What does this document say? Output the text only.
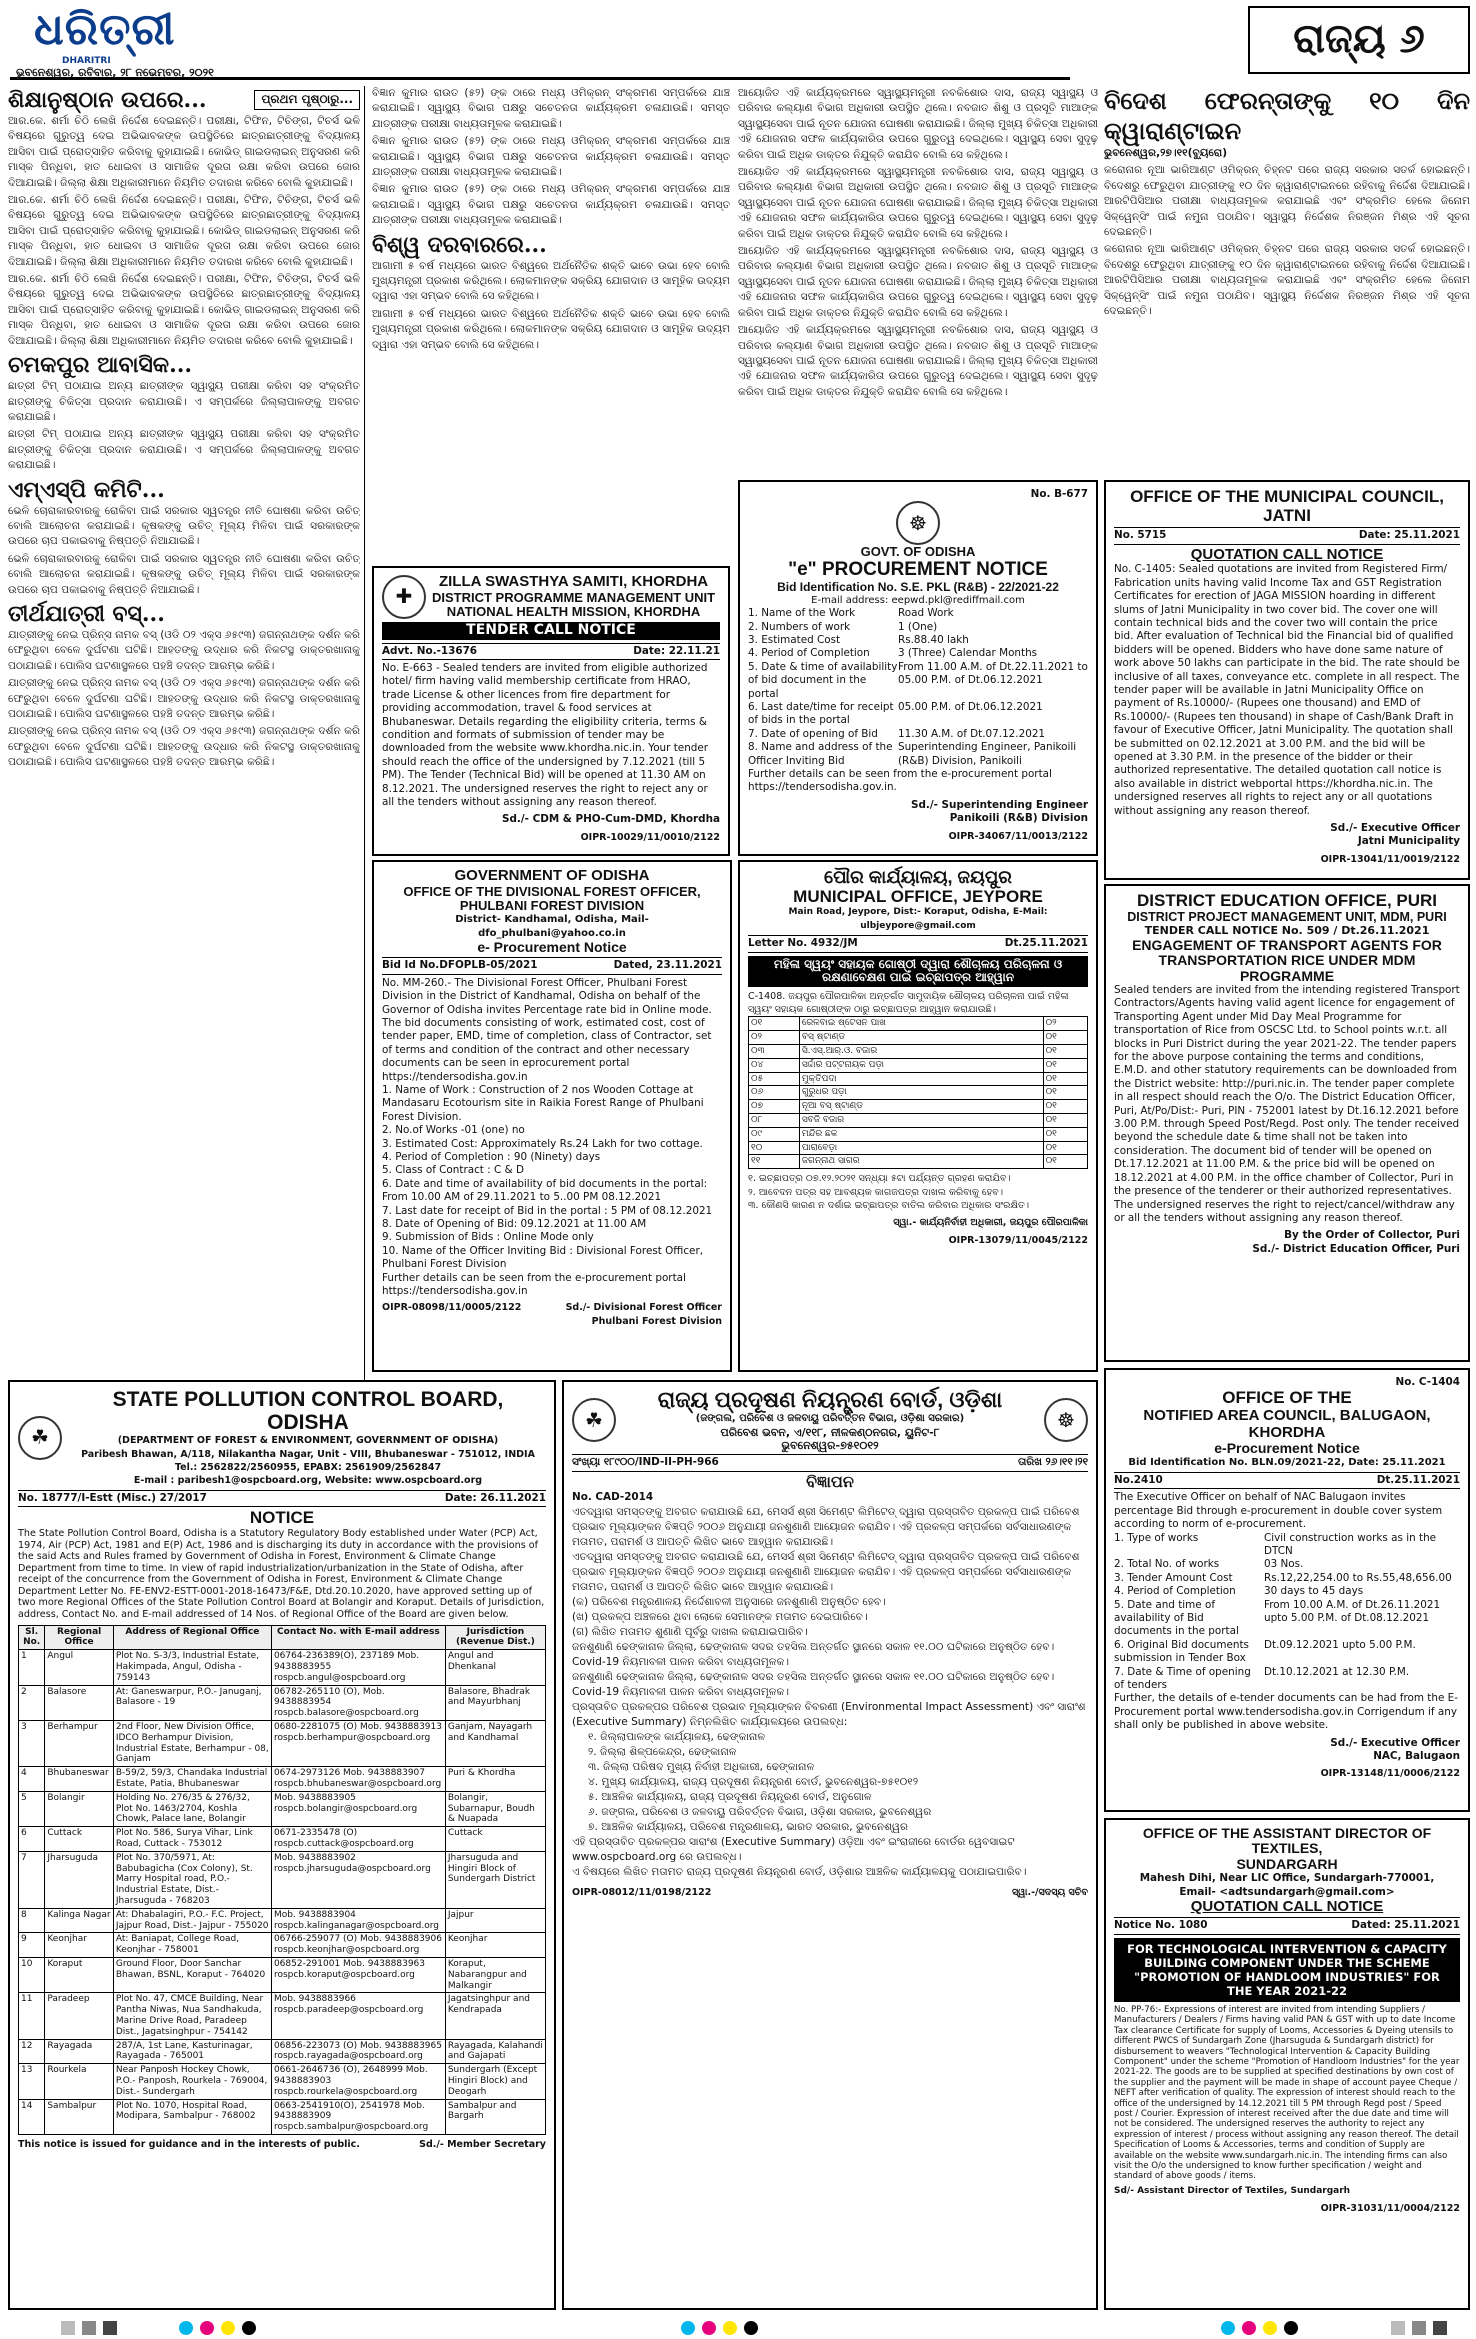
ଧରିତ୍ରୀ
DHARITRI
ଭୁବନେଶ୍ୱର, ରବିବାର, ୨୮ ନଭେମ୍ବର, ୨୦୨୧
ରାଜ୍ୟ ୬
ଶିକ୍ଷାନୁଷ୍ଠାନ ଉପରେ...	ପ୍ରଥମ ପୃଷ୍ଠାରୁ...

ଆର.କେ. ଶର୍ମା ଚିଠି ଲେଖି ନିର୍ଦ୍ଦେଶ ଦେଇଛନ୍ତି। ପରୀକ୍ଷା, ଟିଫିନ, ଟିଚିଙ୍ଗ, ଟିଚର୍ସ ଭଳି ବିଷୟରେ ଗୁରୁତ୍ୱ ଦେଇ ଅଭିଭାବକଙ୍କ ଉପସ୍ଥିତିରେ ଛାତ୍ରଛାତ୍ରୀଙ୍କୁ ବିଦ୍ୟାଳୟ ଆସିବା ପାଇଁ ପ୍ରୋତ୍ସାହିତ କରିବାକୁ କୁହାଯାଇଛି। କୋଭିଡ୍ ଗାଇଡଲାଇନ୍ ଅନୁସରଣ କରି ମାସ୍କ ପିନ୍ଧିବା, ହାତ ଧୋଇବା ଓ ସାମାଜିକ ଦୂରତା ରକ୍ଷା କରିବା ଉପରେ ଜୋର ଦିଆଯାଇଛି। ଜିଲ୍ଲା ଶିକ୍ଷା ଅଧିକାରୀମାନେ ନିୟମିତ ତଦାରଖ କରିବେ ବୋଲି କୁହାଯାଇଛି।

ଆର.କେ. ଶର୍ମା ଚିଠି ଲେଖି ନିର୍ଦ୍ଦେଶ ଦେଇଛନ୍ତି। ପରୀକ୍ଷା, ଟିଫିନ, ଟିଚିଙ୍ଗ, ଟିଚର୍ସ ଭଳି ବିଷୟରେ ଗୁରୁତ୍ୱ ଦେଇ ଅଭିଭାବକଙ୍କ ଉପସ୍ଥିତିରେ ଛାତ୍ରଛାତ୍ରୀଙ୍କୁ ବିଦ୍ୟାଳୟ ଆସିବା ପାଇଁ ପ୍ରୋତ୍ସାହିତ କରିବାକୁ କୁହାଯାଇଛି। କୋଭିଡ୍ ଗାଇଡଲାଇନ୍ ଅନୁସରଣ କରି ମାସ୍କ ପିନ୍ଧିବା, ହାତ ଧୋଇବା ଓ ସାମାଜିକ ଦୂରତା ରକ୍ଷା କରିବା ଉପରେ ଜୋର ଦିଆଯାଇଛି। ଜିଲ୍ଲା ଶିକ୍ଷା ଅଧିକାରୀମାନେ ନିୟମିତ ତଦାରଖ କରିବେ ବୋଲି କୁହାଯାଇଛି।

ଆର.କେ. ଶର୍ମା ଚିଠି ଲେଖି ନିର୍ଦ୍ଦେଶ ଦେଇଛନ୍ତି। ପରୀକ୍ଷା, ଟିଫିନ, ଟିଚିଙ୍ଗ, ଟିଚର୍ସ ଭଳି ବିଷୟରେ ଗୁରୁତ୍ୱ ଦେଇ ଅଭିଭାବକଙ୍କ ଉପସ୍ଥିତିରେ ଛାତ୍ରଛାତ୍ରୀଙ୍କୁ ବିଦ୍ୟାଳୟ ଆସିବା ପାଇଁ ପ୍ରୋତ୍ସାହିତ କରିବାକୁ କୁହାଯାଇଛି। କୋଭିଡ୍ ଗାଇଡଲାଇନ୍ ଅନୁସରଣ କରି ମାସ୍କ ପିନ୍ଧିବା, ହାତ ଧୋଇବା ଓ ସାମାଜିକ ଦୂରତା ରକ୍ଷା କରିବା ଉପରେ ଜୋର ଦିଆଯାଇଛି। ଜିଲ୍ଲା ଶିକ୍ଷା ଅଧିକାରୀମାନେ ନିୟମିତ ତଦାରଖ କରିବେ ବୋଲି କୁହାଯାଇଛି।

ଚମକପୁର ଆବାସିକ...

ଛାତ୍ରୀ ଟିମ୍ ପଠାଯାଇ ଅନ୍ୟ ଛାତ୍ରୀଙ୍କ ସ୍ୱାସ୍ଥ୍ୟ ପରୀକ୍ଷା କରିବା ସହ ସଂକ୍ରମିତ ଛାତ୍ରୀଙ୍କୁ ଚିକିତ୍ସା ପ୍ରଦାନ କରାଯାଉଛି। ଏ ସମ୍ପର୍କରେ ଜିଲ୍ଲାପାଳଙ୍କୁ ଅବଗତ କରାଯାଇଛି।

ଛାତ୍ରୀ ଟିମ୍ ପଠାଯାଇ ଅନ୍ୟ ଛାତ୍ରୀଙ୍କ ସ୍ୱାସ୍ଥ୍ୟ ପରୀକ୍ଷା କରିବା ସହ ସଂକ୍ରମିତ ଛାତ୍ରୀଙ୍କୁ ଚିକିତ୍ସା ପ୍ରଦାନ କରାଯାଉଛି। ଏ ସମ୍ପର୍କରେ ଜିଲ୍ଲାପାଳଙ୍କୁ ଅବଗତ କରାଯାଇଛି।

ଏମ୍ଏସ୍ପି କମିଟି...

ଭେଳି ଚୋରାକାରବାରକୁ ରୋକିବା ପାଇଁ ସରକାର ସ୍ୱତନ୍ତ୍ର ନୀତି ଘୋଷଣା କରିବା ଉଚିତ୍ ବୋଲି ଆଲୋଚନା କରାଯାଇଛି। କୃଷକଙ୍କୁ ଉଚିତ୍ ମୂଲ୍ୟ ମିଳିବା ପାଇଁ ସରକାରଙ୍କ ଉପରେ ଚାପ ପକାଇବାକୁ ନିଷ୍ପତ୍ତି ନିଆଯାଇଛି।

ଭେଳି ଚୋରାକାରବାରକୁ ରୋକିବା ପାଇଁ ସରକାର ସ୍ୱତନ୍ତ୍ର ନୀତି ଘୋଷଣା କରିବା ଉଚିତ୍ ବୋଲି ଆଲୋଚନା କରାଯାଇଛି। କୃଷକଙ୍କୁ ଉଚିତ୍ ମୂଲ୍ୟ ମିଳିବା ପାଇଁ ସରକାରଙ୍କ ଉପରେ ଚାପ ପକାଇବାକୁ ନିଷ୍ପତ୍ତି ନିଆଯାଇଛି।

ତୀର୍ଥଯାତ୍ରୀ ବସ୍...

ଯାତ୍ରୀଙ୍କୁ ନେଇ ପ୍ରିନ୍ସ ନାମକ ବସ୍ (ଓଡି ୦୨ ଏକ୍ସ ୬୫୯୩) ଜଗନ୍ନାଥଙ୍କ ଦର୍ଶନ କରି ଫେରୁଥିବା ବେଳେ ଦୁର୍ଘଟଣା ଘଟିଛି। ଆହତଙ୍କୁ ଉଦ୍ଧାର କରି ନିକଟସ୍ଥ ଡାକ୍ତରଖାନାକୁ ପଠାଯାଇଛି। ପୋଲିସ ଘଟଣାସ୍ଥଳରେ ପହଞ୍ଚି ତଦନ୍ତ ଆରମ୍ଭ କରିଛି।

ଯାତ୍ରୀଙ୍କୁ ନେଇ ପ୍ରିନ୍ସ ନାମକ ବସ୍ (ଓଡି ୦୨ ଏକ୍ସ ୬୫୯୩) ଜଗନ୍ନାଥଙ୍କ ଦର୍ଶନ କରି ଫେରୁଥିବା ବେଳେ ଦୁର୍ଘଟଣା ଘଟିଛି। ଆହତଙ୍କୁ ଉଦ୍ଧାର କରି ନିକଟସ୍ଥ ଡାକ୍ତରଖାନାକୁ ପଠାଯାଇଛି। ପୋଲିସ ଘଟଣାସ୍ଥଳରେ ପହଞ୍ଚି ତଦନ୍ତ ଆରମ୍ଭ କରିଛି।

ଯାତ୍ରୀଙ୍କୁ ନେଇ ପ୍ରିନ୍ସ ନାମକ ବସ୍ (ଓଡି ୦୨ ଏକ୍ସ ୬୫୯୩) ଜଗନ୍ନାଥଙ୍କ ଦର୍ଶନ କରି ଫେରୁଥିବା ବେଳେ ଦୁର୍ଘଟଣା ଘଟିଛି। ଆହତଙ୍କୁ ଉଦ୍ଧାର କରି ନିକଟସ୍ଥ ଡାକ୍ତରଖାନାକୁ ପଠାଯାଇଛି। ପୋଲିସ ଘଟଣାସ୍ଥଳରେ ପହଞ୍ଚି ତଦନ୍ତ ଆରମ୍ଭ କରିଛି।

ବିଜ୍ଞାନ କୁମାର ରାଉତ (୫୨) ଙ୍କ ଠାରେ ମଧ୍ୟ ଓମିକ୍ରନ୍ ସଂକ୍ରମଣ ସମ୍ପର୍କରେ ଯାଞ୍ଚ କରାଯାଇଛି। ସ୍ୱାସ୍ଥ୍ୟ ବିଭାଗ ପକ୍ଷରୁ ସଚେତନତା କାର୍ଯ୍ୟକ୍ରମ ଚଳାଯାଉଛି। ସମସ୍ତ ଯାତ୍ରୀଙ୍କ ପରୀକ୍ଷା ବାଧ୍ୟତାମୂଳକ କରାଯାଇଛି।

ବିଜ୍ଞାନ କୁମାର ରାଉତ (୫୨) ଙ୍କ ଠାରେ ମଧ୍ୟ ଓମିକ୍ରନ୍ ସଂକ୍ରମଣ ସମ୍ପର୍କରେ ଯାଞ୍ଚ କରାଯାଇଛି। ସ୍ୱାସ୍ଥ୍ୟ ବିଭାଗ ପକ୍ଷରୁ ସଚେତନତା କାର୍ଯ୍ୟକ୍ରମ ଚଳାଯାଉଛି। ସମସ୍ତ ଯାତ୍ରୀଙ୍କ ପରୀକ୍ଷା ବାଧ୍ୟତାମୂଳକ କରାଯାଇଛି।

ବିଜ୍ଞାନ କୁମାର ରାଉତ (୫୨) ଙ୍କ ଠାରେ ମଧ୍ୟ ଓମିକ୍ରନ୍ ସଂକ୍ରମଣ ସମ୍ପର୍କରେ ଯାଞ୍ଚ କରାଯାଇଛି। ସ୍ୱାସ୍ଥ୍ୟ ବିଭାଗ ପକ୍ଷରୁ ସଚେତନତା କାର୍ଯ୍ୟକ୍ରମ ଚଳାଯାଉଛି। ସମସ୍ତ ଯାତ୍ରୀଙ୍କ ପରୀକ୍ଷା ବାଧ୍ୟତାମୂଳକ କରାଯାଇଛି।

ବିଶ୍ୱ ଦରବାରରେ...

ଆଗାମୀ ୫ ବର୍ଷ ମଧ୍ୟରେ ଭାରତ ବିଶ୍ୱରେ ଅର୍ଥନୈତିକ ଶକ୍ତି ଭାବେ ଉଭା ହେବ ବୋଲି ମୁଖ୍ୟମନ୍ତ୍ରୀ ପ୍ରକାଶ କରିଥିଲେ। ଲୋକମାନଙ୍କ ସକ୍ରିୟ ଯୋଗଦାନ ଓ ସାମୂହିକ ଉଦ୍ୟମ ଦ୍ୱାରା ଏହା ସମ୍ଭବ ବୋଲି ସେ କହିଥିଲେ।

ଆଗାମୀ ୫ ବର୍ଷ ମଧ୍ୟରେ ଭାରତ ବିଶ୍ୱରେ ଅର୍ଥନୈତିକ ଶକ୍ତି ଭାବେ ଉଭା ହେବ ବୋଲି ମୁଖ୍ୟମନ୍ତ୍ରୀ ପ୍ରକାଶ କରିଥିଲେ। ଲୋକମାନଙ୍କ ସକ୍ରିୟ ଯୋଗଦାନ ଓ ସାମୂହିକ ଉଦ୍ୟମ ଦ୍ୱାରା ଏହା ସମ୍ଭବ ବୋଲି ସେ କହିଥିଲେ।

ଆୟୋଜିତ ଏହି କାର୍ଯ୍ୟକ୍ରମରେ ସ୍ୱାସ୍ଥ୍ୟମନ୍ତ୍ରୀ ନବକିଶୋର ଦାସ, ରାଜ୍ୟ ସ୍ୱାସ୍ଥ୍ୟ ଓ ପରିବାର କଲ୍ୟାଣ ବିଭାଗ ଅଧିକାରୀ ଉପସ୍ଥିତ ଥିଲେ। ନବଜାତ ଶିଶୁ ଓ ପ୍ରସୂତି ମାଆଙ୍କ ସ୍ୱାସ୍ଥ୍ୟସେବା ପାଇଁ ନୂତନ ଯୋଜନା ଘୋଷଣା କରାଯାଇଛି। ଜିଲ୍ଲା ମୁଖ୍ୟ ଚିକିତ୍ସା ଅଧିକାରୀ ଏହି ଯୋଜନାର ସଫଳ କାର୍ଯ୍ୟକାରିତା ଉପରେ ଗୁରୁତ୍ୱ ଦେଇଥିଲେ। ସ୍ୱାସ୍ଥ୍ୟ ସେବା ସୁଦୃଢ଼ କରିବା ପାଇଁ ଅଧିକ ଡାକ୍ତର ନିଯୁକ୍ତି କରାଯିବ ବୋଲି ସେ କହିଥିଲେ।

ଆୟୋଜିତ ଏହି କାର୍ଯ୍ୟକ୍ରମରେ ସ୍ୱାସ୍ଥ୍ୟମନ୍ତ୍ରୀ ନବକିଶୋର ଦାସ, ରାଜ୍ୟ ସ୍ୱାସ୍ଥ୍ୟ ଓ ପରିବାର କଲ୍ୟାଣ ବିଭାଗ ଅଧିକାରୀ ଉପସ୍ଥିତ ଥିଲେ। ନବଜାତ ଶିଶୁ ଓ ପ୍ରସୂତି ମାଆଙ୍କ ସ୍ୱାସ୍ଥ୍ୟସେବା ପାଇଁ ନୂତନ ଯୋଜନା ଘୋଷଣା କରାଯାଇଛି। ଜିଲ୍ଲା ମୁଖ୍ୟ ଚିକିତ୍ସା ଅଧିକାରୀ ଏହି ଯୋଜନାର ସଫଳ କାର୍ଯ୍ୟକାରିତା ଉପରେ ଗୁରୁତ୍ୱ ଦେଇଥିଲେ। ସ୍ୱାସ୍ଥ୍ୟ ସେବା ସୁଦୃଢ଼ କରିବା ପାଇଁ ଅଧିକ ଡାକ୍ତର ନିଯୁକ୍ତି କରାଯିବ ବୋଲି ସେ କହିଥିଲେ।

ଆୟୋଜିତ ଏହି କାର୍ଯ୍ୟକ୍ରମରେ ସ୍ୱାସ୍ଥ୍ୟମନ୍ତ୍ରୀ ନବକିଶୋର ଦାସ, ରାଜ୍ୟ ସ୍ୱାସ୍ଥ୍ୟ ଓ ପରିବାର କଲ୍ୟାଣ ବିଭାଗ ଅଧିକାରୀ ଉପସ୍ଥିତ ଥିଲେ। ନବଜାତ ଶିଶୁ ଓ ପ୍ରସୂତି ମାଆଙ୍କ ସ୍ୱାସ୍ଥ୍ୟସେବା ପାଇଁ ନୂତନ ଯୋଜନା ଘୋଷଣା କରାଯାଇଛି। ଜିଲ୍ଲା ମୁଖ୍ୟ ଚିକିତ୍ସା ଅଧିକାରୀ ଏହି ଯୋଜନାର ସଫଳ କାର୍ଯ୍ୟକାରିତା ଉପରେ ଗୁରୁତ୍ୱ ଦେଇଥିଲେ। ସ୍ୱାସ୍ଥ୍ୟ ସେବା ସୁଦୃଢ଼ କରିବା ପାଇଁ ଅଧିକ ଡାକ୍ତର ନିଯୁକ୍ତି କରାଯିବ ବୋଲି ସେ କହିଥିଲେ।

ଆୟୋଜିତ ଏହି କାର୍ଯ୍ୟକ୍ରମରେ ସ୍ୱାସ୍ଥ୍ୟମନ୍ତ୍ରୀ ନବକିଶୋର ଦାସ, ରାଜ୍ୟ ସ୍ୱାସ୍ଥ୍ୟ ଓ ପରିବାର କଲ୍ୟାଣ ବିଭାଗ ଅଧିକାରୀ ଉପସ୍ଥିତ ଥିଲେ। ନବଜାତ ଶିଶୁ ଓ ପ୍ରସୂତି ମାଆଙ୍କ ସ୍ୱାସ୍ଥ୍ୟସେବା ପାଇଁ ନୂତନ ଯୋଜନା ଘୋଷଣା କରାଯାଇଛି। ଜିଲ୍ଲା ମୁଖ୍ୟ ଚିକିତ୍ସା ଅଧିକାରୀ ଏହି ଯୋଜନାର ସଫଳ କାର୍ଯ୍ୟକାରିତା ଉପରେ ଗୁରୁତ୍ୱ ଦେଇଥିଲେ। ସ୍ୱାସ୍ଥ୍ୟ ସେବା ସୁଦୃଢ଼ କରିବା ପାଇଁ ଅଧିକ ଡାକ୍ତର ନିଯୁକ୍ତି କରାଯିବ ବୋଲି ସେ କହିଥିଲେ।

ବିଦେଶ ଫେରନ୍ତାଙ୍କୁ ୧୦ ଦିନ କ୍ୱାରାଣ୍ଟାଇନ

ଭୁବନେଶ୍ୱର,୨୭।୧୧(ବ୍ୟୁରୋ)

କରୋନାର ନୂଆ ଭାରିଆଣ୍ଟ ଓମିକ୍ରନ୍ ଚିହ୍ନଟ ପରେ ରାଜ୍ୟ ସରକାର ସତର୍କ ହୋଇଛନ୍ତି। ବିଦେଶରୁ ଫେରୁଥିବା ଯାତ୍ରୀଙ୍କୁ ୧୦ ଦିନ କ୍ୱାରାଣ୍ଟାଇନରେ ରହିବାକୁ ନିର୍ଦ୍ଦେଶ ଦିଆଯାଇଛି। ଆରଟିପିସିଆର ପରୀକ୍ଷା ବାଧ୍ୟତାମୂଳକ କରାଯାଇଛି ଏବଂ ସଂକ୍ରମିତ ହେଲେ ଜିନୋମ ସିକ୍ୱେନ୍ସିଂ ପାଇଁ ନମୁନା ପଠାଯିବ। ସ୍ୱାସ୍ଥ୍ୟ ନିର୍ଦ୍ଦେଶକ ନିରଞ୍ଜନ ମିଶ୍ର ଏହି ସୂଚନା ଦେଇଛନ୍ତି।

କରୋନାର ନୂଆ ଭାରିଆଣ୍ଟ ଓମିକ୍ରନ୍ ଚିହ୍ନଟ ପରେ ରାଜ୍ୟ ସରକାର ସତର୍କ ହୋଇଛନ୍ତି। ବିଦେଶରୁ ଫେରୁଥିବା ଯାତ୍ରୀଙ୍କୁ ୧୦ ଦିନ କ୍ୱାରାଣ୍ଟାଇନରେ ରହିବାକୁ ନିର୍ଦ୍ଦେଶ ଦିଆଯାଇଛି। ଆରଟିପିସିଆର ପରୀକ୍ଷା ବାଧ୍ୟତାମୂଳକ କରାଯାଇଛି ଏବଂ ସଂକ୍ରମିତ ହେଲେ ଜିନୋମ ସିକ୍ୱେନ୍ସିଂ ପାଇଁ ନମୁନା ପଠାଯିବ। ସ୍ୱାସ୍ଥ୍ୟ ନିର୍ଦ୍ଦେଶକ ନିରଞ୍ଜନ ମିଶ୍ର ଏହି ସୂଚନା ଦେଇଛନ୍ତି।

✚
ZILLA SWASTHYA SAMITI, KHORDHA
DISTRICT PROGRAMME MANAGEMENT UNIT
NATIONAL HEALTH MISSION, KHORDHA
TENDER CALL NOTICE
Advt. No.-13676	Date: 22.11.21

No. E-663 - Sealed tenders are invited from eligible authorized hotel/ firm having valid membership certificate from HRAO, trade License & other licences from fire department for providing accommodation, travel & food services at Bhubaneswar. Details regarding the eligibility criteria, terms & condition and formats of submission of tender may be downloaded from the website www.khordha.nic.in. Your tender should reach the office of the undersigned by 7.12.2021 (till 5 PM). The Tender (Technical Bid) will be opened at 11.30 AM on 8.12.2021. The undersigned reserves the right to reject any or all the tenders without assigning any reason thereof.

Sd./- CDM & PHO-Cum-DMD, Khordha
OIPR-10029/11/0010/2122
No. B-677
☸
GOVT. OF ODISHA
"e" PROCUREMENT NOTICE
Bid Identification No. S.E. PKL (R&B) - 22/2021-22

E-mail address: eepwd.pkl@rediffmail.com

1. Name of the Work	Road Work
2. Numbers of work	1 (One)
3. Estimated Cost	Rs.88.40 lakh
4. Period of Completion	3 (Three) Calendar Months
5. Date & time of availability of bid document in the portal
From 11.00 A.M. of Dt.22.11.2021 to 05.00 P.M. of Dt.06.12.2021
6. Last date/time for receipt of bids in the portal
05.00 P.M. of Dt.06.12.2021
7. Date of opening of Bid	11.30 A.M. of Dt.07.12.2021
8. Name and address of the Officer Inviting Bid
Superintending Engineer, Panikoili (R&B) Division, Panikoili

Further details can be seen from the e-procurement portal https://tendersodisha.gov.in.

Sd./- Superintending Engineer
Panikoili (R&B) Division
OIPR-34067/11/0013/2122
OFFICE OF THE MUNICIPAL COUNCIL, JATNI
No. 5715	Date: 25.11.2021
QUOTATION CALL NOTICE

No. C-1405: Sealed quotations are invited from Registered Firm/ Fabrication units having valid Income Tax and GST Registration Certificates for erection of JAGA MISSION hoarding in different slums of Jatni Municipality in two cover bid. The cover one will contain technical bids and the cover two will contain the price bid. After evaluation of Technical bid the Financial bid of qualified bidders will be opened. Bidders who have done same nature of work above 50 lakhs can participate in the bid. The rate should be inclusive of all taxes, conveyance etc. complete in all respect. The tender paper will be available in Jatni Municipality Office on payment of Rs.10000/- (Rupees one thousand) and EMD of Rs.10000/- (Rupees ten thousand) in shape of Cash/Bank Draft in favour of Executive Officer, Jatni Municipality. The quotation shall be submitted on 02.12.2021 at 3.00 P.M. and the bid will be opened at 3.30 P.M. in the presence of the bidder or their authorized representative. The detailed quotation call notice is also available in district webportal https://khordha.nic.in. The undersigned reserves all rights to reject any or all quotations without assigning any reason thereof.

Sd./- Executive Officer
Jatni Municipality
OIPR-13041/11/0019/2122
GOVERNMENT OF ODISHA
OFFICE OF THE DIVISIONAL FOREST OFFICER,
PHULBANI FOREST DIVISION

District- Kandhamal, Odisha, Mail-dfo_phulbani@yahoo.co.in

e- Procurement Notice
Bid Id No.DFOPLB-05/2021	Dated, 23.11.2021

No. MM-260.- The Divisional Forest Officer, Phulbani Forest Division in the District of Kandhamal, Odisha on behalf of the Governor of Odisha invites Percentage rate bid in Online mode. The bid documents consisting of work, estimated cost, cost of tender paper, EMD, time of completion, class of Contractor, set of terms and condition of the contract and other necessary documents can be seen in eprocurement portal https://tendersodisha.gov.in

1. Name of Work : Construction of 2 nos Wooden Cottage at Mandasaru Ecotourism site in Raikia Forest Range of Phulbani Forest Division.
2. No.of Works -01 (one) no
3. Estimated Cost: Approximately Rs.24 Lakh for two cottage.
4. Period of Completion : 90 (Ninety) days
5. Class of Contract : C & D
6. Date and time of availability of bid documents in the portal: From 10.00 AM of 29.11.2021 to 5..00 PM 08.12.2021
7. Last date for receipt of Bid in the portal : 5 PM of 08.12.2021
8. Date of Opening of Bid: 09.12.2021 at 11.00 AM
9. Submission of Bids : Online Mode only
10. Name of the Officer Inviting Bid : Divisional Forest Officer, Phulbani Forest Division

Further details can be seen from the e-procurement portal https://tendersodisha.gov.in

OIPR-08098/11/0005/2122	Sd./- Divisional Forest Officer
Phulbani Forest Division
ପୌର କାର୍ଯ୍ୟାଳୟ, ଜୟପୁର
MUNICIPAL OFFICE, JEYPORE

Main Road, Jeypore, Dist:- Koraput, Odisha, E-Mail: ulbjeypore@gmail.com

Letter No. 4932/JM	Dt.25.11.2021
ମହିଳା ସ୍ୱୟଂ ସହାୟକ ଗୋଷ୍ଠୀ ଦ୍ୱାରା ଶୌଚାଳୟ ପରିଚାଳନା ଓ ରକ୍ଷଣାବେକ୍ଷଣ ପାଇଁ ଇଚ୍ଛାପତ୍ର ଆହ୍ୱାନ

C-1408. ଜୟପୁର ପୌରପାଳିକା ଅନ୍ତର୍ଗତ ସାମୁଦାୟିକ ଶୌଚାଳୟ ପରିଚାଳନା ପାଇଁ ମହିଳା ସ୍ୱୟଂ ସହାୟକ ଗୋଷ୍ଠୀଙ୍କ ଠାରୁ ଇଚ୍ଛାପତ୍ର ଆହ୍ୱାନ କରାଯାଉଛି।

୦୧	ରେଳବାଇ ଷ୍ଟେସନ ପାଖ	୦୨
୦୨	ବସ୍ ଷ୍ଟାଣ୍ଡ	୦୧
୦୩	ସି.ଏସ୍.ଆର୍.ଓ. ବଜାର	୦୧
୦୪	ସର୍ଦ୍ଦାର ପଟ୍ଟନାୟକ ପଡ଼ା	୦୧
୦୫	ମୁକ୍ତିପଦା	୦୧
୦୬	ଗୁରୁଧର ପଡ଼ା	୦୧
୦୭	ନୂଆ ବସ୍ ଷ୍ଟାଣ୍ଡ	୦୧
୦୮	ସବଜି ବଜାର	୦୧
୦୯	ମନ୍ଦିର ଛକ	୦୧
୧୦	ପାରାବେଡ଼ା	୦୧
୧୧	ଜଗନ୍ନାଥ ସାଗର	୦୧
୧. ଇଚ୍ଛାପତ୍ର ୦୭.୧୨.୨୦୨୧ ସନ୍ଧ୍ୟା ୫ଟା ପର୍ଯ୍ୟନ୍ତ ଗ୍ରହଣ କରାଯିବ।
୨. ଆବେଦନ ପତ୍ର ସହ ଆବଶ୍ୟକ କାଗଜପତ୍ର ଦାଖଲ କରିବାକୁ ହେବ।
୩. କୌଣସି କାରଣ ନ ଦର୍ଶାଇ ଇଚ୍ଛାପତ୍ର ବାତିଲ କରିବାର ଅଧିକାର ସଂରକ୍ଷିତ।
ସ୍ୱା.- କାର୍ଯ୍ୟନିର୍ବାହୀ ଅଧିକାରୀ, ଜୟପୁର ପୌରପାଳିକା
OIPR-13079/11/0045/2122
DISTRICT EDUCATION OFFICE, PURI
DISTRICT PROJECT MANAGEMENT UNIT, MDM, PURI

TENDER CALL NOTICE No. 509 / Dt.26.11.2021

ENGAGEMENT OF TRANSPORT AGENTS FOR TRANSPORTATION RICE UNDER MDM PROGRAMME

Sealed tenders are invited from the intending registered Transport Contractors/Agents having valid agent licence for engagement of Transporting Agent under Mid Day Meal Programme for transportation of Rice from OSCSC Ltd. to School points w.r.t. all blocks in Puri District during the year 2021-22. The tender papers for the above purpose containing the terms and conditions, E.M.D. and other statutory requirements can be downloaded from the District website: http://puri.nic.in. The tender paper complete in all respect should reach the O/o. The District Education Officer, Puri, At/Po/Dist:- Puri, PIN - 752001 latest by Dt.16.12.2021 before 3.00 P.M. through Speed Post/Regd. Post only. The tender received beyond the schedule date & time shall not be taken into consideration. The document bid of tender will be opened on Dt.17.12.2021 at 11.00 P.M. & the price bid will be opened on 18.12.2021 at 4.00 P.M. in the office chamber of Collector, Puri in the presence of the tenderer or their authorized representatives. The undersigned reserves the right to reject/cancel/withdraw any or all the tenders without assigning any reason thereof.

By the Order of Collector, Puri
Sd./- District Education Officer, Puri
☘
STATE POLLUTION CONTROL BOARD, ODISHA

(DEPARTMENT OF FOREST & ENVIRONMENT, GOVERNMENT OF ODISHA)

Paribesh Bhawan, A/118, Nilakantha Nagar, Unit - VIII, Bhubaneswar - 751012, INDIA

Tel.: 2562822/2560955, EPABX: 2561909/2562847

E-mail : paribesh1@ospcboard.org, Website: www.ospcboard.org

No. 18777/I-Estt (Misc.) 27/2017	Date: 26.11.2021
NOTICE

The State Pollution Control Board, Odisha is a Statutory Regulatory Body established under Water (PCP) Act, 1974, Air (PCP) Act, 1981 and E(P) Act, 1986 and is discharging its duty in accordance with the provisions of the said Acts and Rules framed by Government of Odisha in Forest, Environment & Climate Change Department from time to time. In view of rapid industrialization/urbanization in the State of Odisha, after receipt of the concurrence from the Government of Odisha in Forest, Environment & Climate Change Department Letter No. FE-ENV2-ESTT-0001-2018-16473/F&E, Dtd.20.10.2020, have approved setting up of two more Regional Offices of the State Pollution Control Board at Bolangir and Koraput. Details of Jurisdiction, address, Contact No. and E-mail addressed of 14 Nos. of Regional Office of the Board are given below.

Sl. No.	Regional Office	Address of Regional Office	Contact No. with E-mail address	Jurisdiction (Revenue Dist.)
1	Angul	Plot No. S-3/3, Industrial Estate, Hakimpada, Angul, Odisha - 759143	06764-236389(O), 237189 Mob. 9438883955 rospcb.angul@ospcboard.org	Angul and Dhenkanal
2	Balasore	At: Ganeswarpur, P.O.- Januganj, Balasore - 19	06782-265110 (O), Mob. 9438883954 rospcb.balasore@ospcboard.org	Balasore, Bhadrak and Mayurbhanj
3	Berhampur	2nd Floor, New Division Office, IDCO Berhampur Division, Industrial Estate, Berhampur - 08, Ganjam	0680-2281075 (O) Mob. 9438883913 rospcb.berhampur@ospcboard.org	Ganjam, Nayagarh and Kandhamal
4	Bhubaneswar	B-59/2, 59/3, Chandaka Industrial Estate, Patia, Bhubaneswar	0674-2973126 Mob. 9438883907 rospcb.bhubaneswar@ospcboard.org	Puri & Khordha
5	Bolangir	Holding No. 276/35 & 276/32, Plot No. 1463/2704, Koshla Chowk, Palace lane, Bolangir	Mob. 9438883905 rospcb.bolangir@ospcboard.org	Bolangir, Subarnapur, Boudh & Nuapada
6	Cuttack	Plot No. 586, Surya Vihar, Link Road, Cuttack - 753012	0671-2335478 (O) rospcb.cuttack@ospcboard.org	Cuttack
7	Jharsuguda	Plot No. 370/5971, At: Babubagicha (Cox Colony), St. Marry Hospital road, P.O.- Industrial Estate, Dist.- Jharsuguda - 768203	Mob. 9438883902 rospcb.jharsuguda@ospcboard.org	Jharsuguda and Hingiri Block of Sundergarh District
8	Kalinga Nagar	At: Dhabalagiri, P.O.- F.C. Project, Jajpur Road, Dist.- Jajpur - 755020	Mob. 9438883904 rospcb.kalinganagar@ospcboard.org	Jajpur
9	Keonjhar	At: Baniapat, College Road, Keonjhar - 758001	06766-259077 (O) Mob. 9438883906 rospcb.keonjhar@ospcboard.org	Keonjhar
10	Koraput	Ground Floor, Door Sanchar Bhawan, BSNL, Koraput - 764020	06852-291001 Mob. 9438883963 rospcb.koraput@ospcboard.org	Koraput, Nabarangpur and Malkangir
11	Paradeep	Plot No. 47, CMCE Building, Near Pantha Niwas, Nua Sandhakuda, Marine Drive Road, Paradeep Dist., Jagatsinghpur - 754142	Mob. 9438883966 rospcb.paradeep@ospcboard.org	Jagatsinghpur and Kendrapada
12	Rayagada	287/A, 1st Lane, Kasturinagar, Rayagada - 765001	06856-223073 (O) Mob. 9438883965 rospcb.rayagada@ospcboard.org	Rayagada, Kalahandi and Gajapati
13	Rourkela	Near Panposh Hockey Chowk, P.O.- Panposh, Rourkela - 769004, Dist.- Sundergarh	0661-2646736 (O), 2648999 Mob. 9438883903 rospcb.rourkela@ospcboard.org	Sundergarh (Except Hingiri Block) and Deogarh
14	Sambalpur	Plot No. 1070, Hospital Road, Modipara, Sambalpur - 768002	0663-2541910(O), 2541978 Mob. 9438883909 rospcb.sambalpur@ospcboard.org	Sambalpur and Bargarh
This notice is issued for guidance and in the interests of public.	Sd./- Member Secretary
☘
ରାଜ୍ୟ ପ୍ରଦୂଷଣ ନିୟନ୍ତ୍ରଣ ବୋର୍ଡ, ଓଡ଼ିଶା

(ଜଙ୍ଗଲ, ପରିବେଶ ଓ ଜଳବାୟୁ ପରିବର୍ତ୍ତନ ବିଭାଗ, ଓଡ଼ିଶା ସରକାର)

ପରିବେଶ ଭବନ, ଏ/୧୧୮, ନୀଳକଣ୍ଠନଗର, ୟୁନିଟ-୮

ଭୁବନେଶ୍ୱର-୭୫୧୦୧୨

☸
ସଂଖ୍ୟା ୧୮୯୦୦/IND-II-PH-966	ତାରିଖ ୨୬।୧୧।୨୧
ବିଜ୍ଞାପନ

No. CAD-2014

ଏତଦ୍ୱାରା ସମସ୍ତଙ୍କୁ ଅବଗତ କରାଯାଉଛି ଯେ, ମେସର୍ସ ଶ୍ରୀ ସିମେଣ୍ଟ ଲିମିଟେଡ୍ ଦ୍ୱାରା ପ୍ରସ୍ତାବିତ ପ୍ରକଳ୍ପ ପାଇଁ ପରିବେଶ ପ୍ରଭାବ ମୂଲ୍ୟାଙ୍କନ ବିଜ୍ଞପ୍ତି ୨୦୦୬ ଅନୁଯାୟୀ ଜନଶୁଣାଣି ଆୟୋଜନ କରାଯିବ। ଏହି ପ୍ରକଳ୍ପ ସମ୍ପର୍କରେ ସର୍ବସାଧାରଣଙ୍କ ମତାମତ, ପରାମର୍ଶ ଓ ଆପତ୍ତି ଲିଖିତ ଭାବେ ଆହ୍ୱାନ କରାଯାଉଛି।

ଏତଦ୍ୱାରା ସମସ୍ତଙ୍କୁ ଅବଗତ କରାଯାଉଛି ଯେ, ମେସର୍ସ ଶ୍ରୀ ସିମେଣ୍ଟ ଲିମିଟେଡ୍ ଦ୍ୱାରା ପ୍ରସ୍ତାବିତ ପ୍ରକଳ୍ପ ପାଇଁ ପରିବେଶ ପ୍ରଭାବ ମୂଲ୍ୟାଙ୍କନ ବିଜ୍ଞପ୍ତି ୨୦୦୬ ଅନୁଯାୟୀ ଜନଶୁଣାଣି ଆୟୋଜନ କରାଯିବ। ଏହି ପ୍ରକଳ୍ପ ସମ୍ପର୍କରେ ସର୍ବସାଧାରଣଙ୍କ ମତାମତ, ପରାମର୍ଶ ଓ ଆପତ୍ତି ଲିଖିତ ଭାବେ ଆହ୍ୱାନ କରାଯାଉଛି।

(କ) ପରିବେଶ ମନ୍ତ୍ରଣାଳୟ ନିର୍ଦ୍ଦେଶାବଳୀ ଅନୁସାରେ ଜନଶୁଣାଣି ଅନୁଷ୍ଠିତ ହେବ।
(ଖ) ପ୍ରକଳ୍ପ ଅଞ୍ଚଳରେ ଥିବା ଲୋକେ ସେମାନଙ୍କ ମତାମତ ଦେଇପାରିବେ।
(ଗ) ଲିଖିତ ମତାମତ ଶୁଣାଣି ପୂର୍ବରୁ ଦାଖଲ କରାଯାଇପାରିବ।

ଜନଶୁଣାଣି ଢେଙ୍କାନାଳ ଜିଲ୍ଲା, ଢେଙ୍କାନାଳ ସଦର ତହସିଲ ଅନ୍ତର୍ଗତ ସ୍ଥାନରେ ସକାଳ ୧୧.୦୦ ଘଟିକାରେ ଅନୁଷ୍ଠିତ ହେବ। Covid-19 ନିୟମାବଳୀ ପାଳନ କରିବା ବାଧ୍ୟତାମୂଳକ।

ଜନଶୁଣାଣି ଢେଙ୍କାନାଳ ଜିଲ୍ଲା, ଢେଙ୍କାନାଳ ସଦର ତହସିଲ ଅନ୍ତର୍ଗତ ସ୍ଥାନରେ ସକାଳ ୧୧.୦୦ ଘଟିକାରେ ଅନୁଷ୍ଠିତ ହେବ। Covid-19 ନିୟମାବଳୀ ପାଳନ କରିବା ବାଧ୍ୟତାମୂଳକ।

ପ୍ରସ୍ତାବିତ ପ୍ରକଳ୍ପର ପରିବେଶ ପ୍ରଭାବ ମୂଲ୍ୟାଙ୍କନ ବିବରଣୀ (Environmental Impact Assessment) ଏବଂ ସାରାଂଶ (Executive Summary) ନିମ୍ନଲିଖିତ କାର୍ଯ୍ୟାଳୟରେ ଉପଲବ୍ଧ:

୧. ଜିଲ୍ଲାପାଳଙ୍କ କାର୍ଯ୍ୟାଳୟ, ଢେଙ୍କାନାଳ
୨. ଜିଲ୍ଲା ଶିଳ୍ପକେନ୍ଦ୍ର, ଢେଙ୍କାନାଳ
୩. ଜିଲ୍ଲା ପରିଷଦ ମୁଖ୍ୟ ନିର୍ବାହୀ ଅଧିକାରୀ, ଢେଙ୍କାନାଳ
୪. ମୁଖ୍ୟ କାର୍ଯ୍ୟାଳୟ, ରାଜ୍ୟ ପ୍ରଦୂଷଣ ନିୟନ୍ତ୍ରଣ ବୋର୍ଡ, ଭୁବନେଶ୍ୱର-୭୫୧୦୧୨
୫. ଆଞ୍ଚଳିକ କାର୍ଯ୍ୟାଳୟ, ରାଜ୍ୟ ପ୍ରଦୂଷଣ ନିୟନ୍ତ୍ରଣ ବୋର୍ଡ, ଅନୁଗୋଳ
୬. ଜଙ୍ଗଲ, ପରିବେଶ ଓ ଜଳବାୟୁ ପରିବର୍ତ୍ତନ ବିଭାଗ, ଓଡ଼ିଶା ସରକାର, ଭୁବନେଶ୍ୱର
୭. ଆଞ୍ଚଳିକ କାର୍ଯ୍ୟାଳୟ, ପରିବେଶ ମନ୍ତ୍ରଣାଳୟ, ଭାରତ ସରକାର, ଭୁବନେଶ୍ୱର

ଏହି ପ୍ରସ୍ତାବିତ ପ୍ରକଳ୍ପର ସାରାଂଶ (Executive Summary) ଓଡ଼ିଆ ଏବଂ ଇଂରାଜୀରେ ବୋର୍ଡର ୱେବସାଇଟ www.ospcboard.org ରେ ଉପଲବ୍ଧ।

ଏ ବିଷୟରେ ଲିଖିତ ମତାମତ ରାଜ୍ୟ ପ୍ରଦୂଷଣ ନିୟନ୍ତ୍ରଣ ବୋର୍ଡ, ଓଡ଼ିଶାର ଆଞ୍ଚଳିକ କାର୍ଯ୍ୟାଳୟକୁ ପଠାଯାଇପାରିବ।

OIPR-08012/11/0198/2122	ସ୍ୱା.-/ସଦସ୍ୟ ସଚିବ
No. C-1404
OFFICE OF THE
NOTIFIED AREA COUNCIL, BALUGAON, KHORDHA
e-Procurement Notice

Bid Identification No. BLN.09/2021-22, Date: 25.11.2021

No.2410	Dt.25.11.2021

The Executive Officer on behalf of NAC Balugaon invites percentage Bid through e-procurement in double cover system according to norm of e-procurement.

1. Type of works	Civil construction works as in the DTCN
2. Total No. of works	03 Nos.
3. Tender Amount Cost	Rs.12,22,254.00 to Rs.55,48,656.00
4. Period of Completion	30 days to 45 days
5. Date and time of availability of Bid documents in the portal
From 10.00 A.M. of Dt.26.11.2021 upto 5.00 P.M. of Dt.08.12.2021
6. Original Bid documents submission in Tender Box
Dt.09.12.2021 upto 5.00 P.M.
7. Date & Time of opening of tenders
Dt.10.12.2021 at 12.30 P.M.

Further, the details of e-tender documents can be had from the E-Procurement portal www.tendersodisha.gov.in Corrigendum if any shall only be published in above website.

Sd./- Executive Officer
NAC, Balugaon
OIPR-13148/11/0006/2122
OFFICE OF THE ASSISTANT DIRECTOR OF TEXTILES,
SUNDARGARH

Mahesh Dihi, Near LIC Office, Sundargarh-770001,

Email- <adtsundargarh@gmail.com>

QUOTATION CALL NOTICE
Notice No. 1080	Dated: 25.11.2021
FOR TECHNOLOGICAL INTERVENTION & CAPACITY BUILDING COMPONENT UNDER THE SCHEME "PROMOTION OF HANDLOOM INDUSTRIES" FOR THE YEAR 2021-22

No. PP-76:- Expressions of interest are invited from intending Suppliers / Manufacturers / Dealers / Firms having valid PAN & GST with up to date Income Tax clearance Certificate for supply of Looms, Accessories & Dyeing utensils to different PWCS of Sundargarh Zone (Jharsuguda & Sundargarh district) for disbursement to weavers "Technological Intervention & Capacity Building Component" under the scheme "Promotion of Handloom Industries" for the year 2021-22. The goods are to be supplied at specified destinations by own cost of the supplier and the payment will be made in shape of account payee Cheque / NEFT after verification of quality. The expression of interest should reach to the office of the undersigned by 14.12.2021 till 5 PM through Regd post / Speed post / Courier. Expression of interest received after the due date and time will not be considered. The undersigned reserves the authority to reject any expression of interest / process without assigning any reason thereof. The detail Specification of Looms & Accessories, terms and condition of Supply are available on the website www.sundargarh.nic.in. The intending firms can also visit the O/o the undersigned to know further specification / weight and standard of above goods / items.

Sd/- Assistant Director of Textiles, Sundargarh
OIPR-31031/11/0004/2122
